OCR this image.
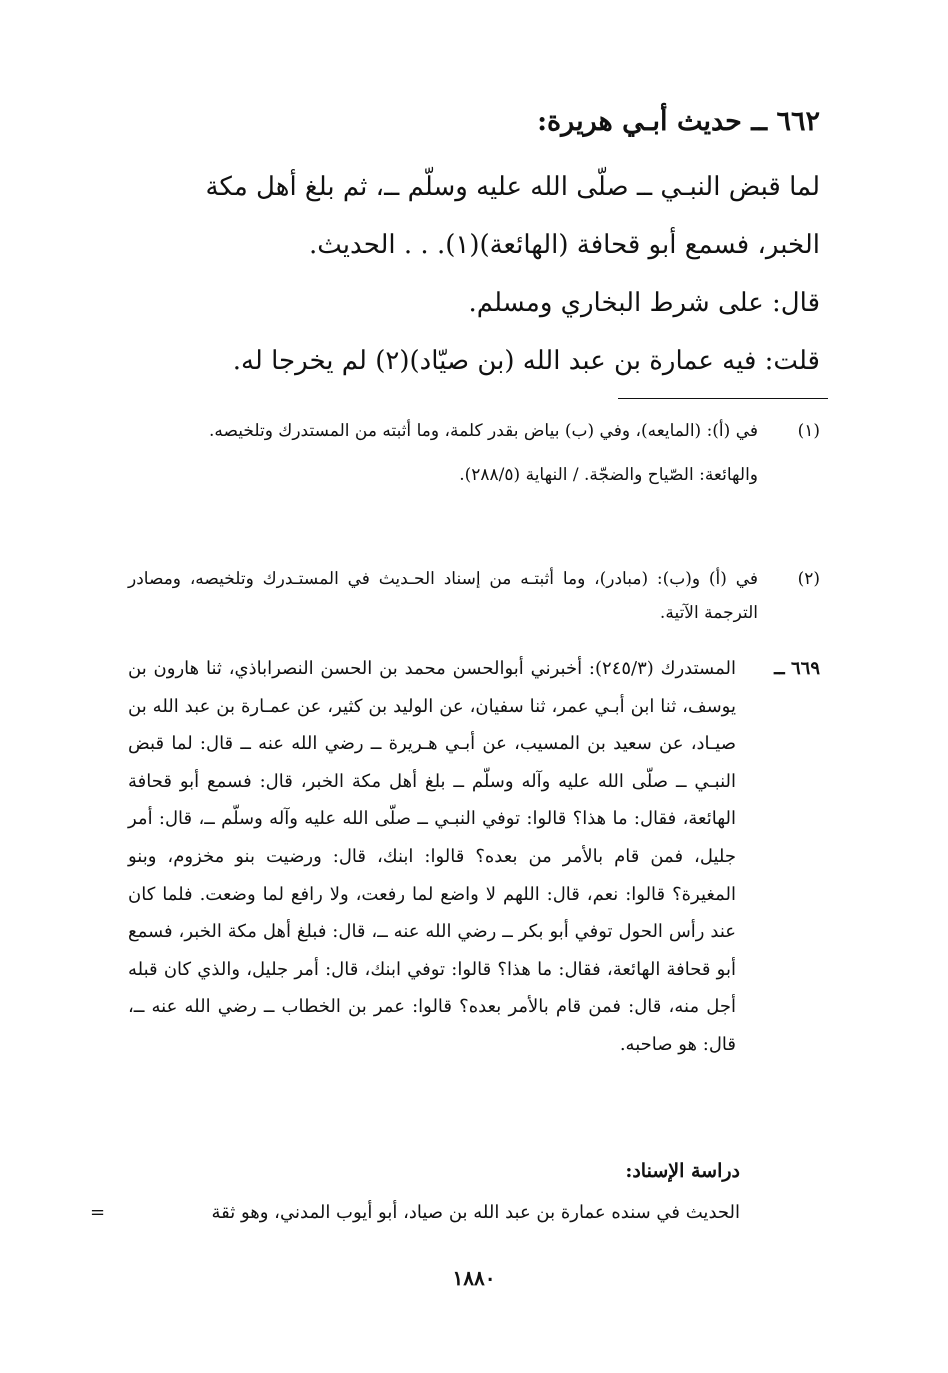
٦٦٢ ــ حديث أبـي هريرة:

لما قبض النبـي ــ صلّى الله عليه وسلّم ــ، ثم بلغ أهل مكة

الخبر، فسمع أبو قحافة (الهائعة)(١). . . الحديث.

قال: على شرط البخاري ومسلم.

قلت: فيه عمارة بن عبد الله (بن صيّاد)(٢) لم يخرجا له.

(١)

في (أ): (المايعه)، وفي (ب) بياض بقدر كلمة، وما أثبته من المستدرك وتلخيصه.

والهائعة: الصّياح والضجّة. / النهاية (٢٨٨/٥).

(٢)

في (أ) و(ب): (مبادر)، وما أثبتـه من إسناد الحـديث في المستـدرك وتلخيصه، ومصادر الترجمة الآتية.

٦٦٩ ــ
المستدرك (٢٤٥/٣): أخبرني أبوالحسن محمد بن الحسن النصراباذي، ثنا هارون بن يوسف، ثنا ابن أبـي عمر، ثنا سفيان، عن الوليد بن كثير، عن عمـارة بن عبد الله بن صيـاد، عن سعيد بن المسيب، عن أبـي هـريرة ــ رضي الله عنه ــ قال: لما قبض النبـي ــ صلّى الله عليه وآله وسلّم ــ بلغ أهل مكة الخبر، قال: فسمع أبو قحافة الهائعة، فقال: ما هذا؟ قالوا: توفي النبـي ــ صلّى الله عليه وآله وسلّم ــ، قال: أمر جليل، فمن قام بالأمر من بعده؟ قالوا: ابنك، قال: ورضيت بنو مخزوم، وبنو المغيرة؟ قالوا: نعم، قال: اللهم لا واضع لما رفعت، ولا رافع لما وضعت. فلما كان عند رأس الحول توفي أبو بكر ــ رضي الله عنه ــ، قال: فبلغ أهل مكة الخبر، فسمع أبو قحافة الهائعة، فقال: ما هذا؟ قالوا: توفي ابنك، قال: أمر جليل، والذي كان قبله أجل منه، قال: فمن قام بالأمر بعده؟ قالوا: عمر بن الخطاب ــ رضي الله عنه ــ، قال: هو صاحبه.
دراسة الإسناد:
الحديث في سنده عمارة بن عبد الله بن صياد، أبو أيوب المدني، وهو ثقة
=
١٨٨٠
